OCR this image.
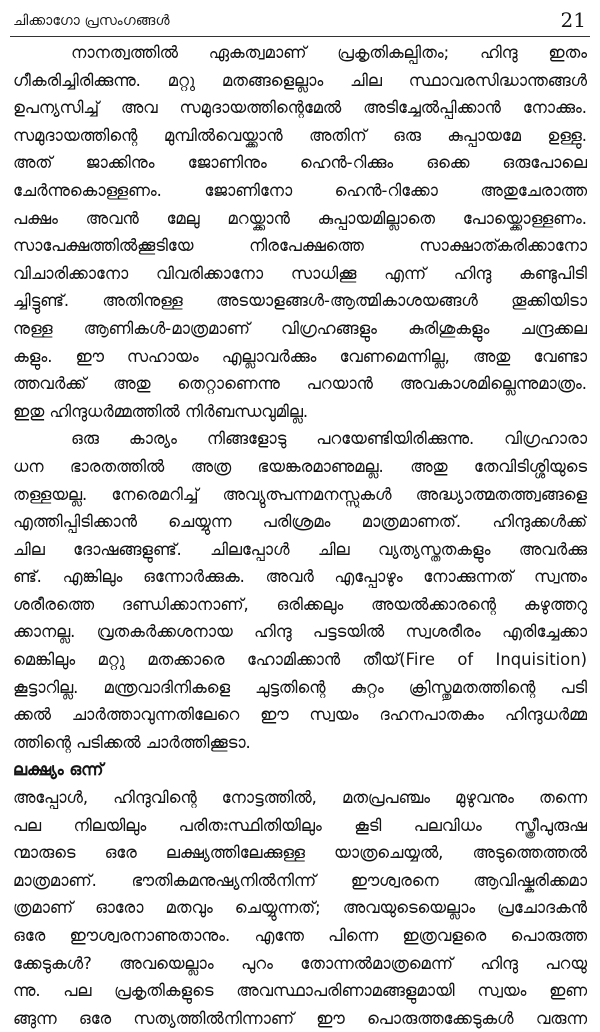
ചിക്കാഗോ പ്രസംഗങ്ങൾ	21
നാനത്വത്തിൽ ഏകത്വമാണ് പ്രകൃതികല്പിതം; ഹിന്ദു ഇതം
ഗീകരിച്ചിരിക്കുന്നു. മറ്റു മതങ്ങളെല്ലാം ചില സ്ഥാവരസിദ്ധാന്തങ്ങൾ
ഉപന്യസിച്ച് അവ സമുദായത്തിന്റെമേൽ അടിച്ചേൽപ്പിക്കാൻ നോക്കും.
സമുദായത്തിന്റെ മുമ്പിൽവെയ്ക്കാൻ അതിന് ഒരു കുപ്പായമേ ഉള്ളു.
അത് ജാക്കിനും ജോണിനും ഹെൻ-റിക്കും ഒക്കെ ഒരുപോലെ
ചേർന്നുകൊള്ളണം. ജോണിനോ ഹെൻ-റിക്കോ അതുചേരാത്ത
പക്ഷം അവൻ മേലു മറയ്ക്കാൻ കുപ്പായമില്ലാതെ പോയ്ക്കൊള്ളണം.
സാപേക്ഷത്തിൽക്കൂടിയേ നിരപേക്ഷത്തെ സാക്ഷാത്കരിക്കാനോ
വിചാരിക്കാനോ വിവരിക്കാനോ സാധിക്കൂ എന്ന് ഹിന്ദു കണ്ടുപിടി
ച്ചിട്ടുണ്ട്. അതിനുള്ള അടയാളങ്ങൾ-ആത്മികാശയങ്ങൾ തൂക്കിയിടാ
നുള്ള ആണികൾ-മാത്രമാണ് വിഗ്രഹങ്ങളും കുരിശുകളും ചന്ദ്രക്കല
കളും. ഈ സഹായം എല്ലാവർക്കും വേണമെന്നില്ല, അതു വേണ്ടാ
ത്തവർക്ക് അതു തെറ്റാണെന്നു പറയാൻ അവകാശമില്ലെന്നുമാത്രം.
ഇതു ഹിന്ദുധർമ്മത്തിൽ നിർബന്ധവുമില്ല.
ഒരു കാര്യം നിങ്ങളോടു പറയേണ്ടിയിരിക്കുന്നു. വിഗ്രഹാരാ
ധന ഭാരതത്തിൽ അത്ര ഭയങ്കരമാണുമല്ല. അതു തേവിടിശ്ശിയുടെ
തള്ളയല്ല. നേരെമറിച്ച് അവ്യുത്പന്നമനസ്സുകൾ അദ്ധ്യാത്മതത്ത്വങ്ങളെ
എത്തിപ്പിടിക്കാൻ ചെയ്യുന്ന പരിശ്രമം മാത്രമാണത്. ഹിന്ദുക്കൾക്ക്
ചില ദോഷങ്ങളുണ്ട്. ചിലപ്പോൾ ചില വ്യത്യസ്തതകളും അവർക്കു
ണ്ട്. എങ്കിലും ഒന്നോർക്കുക. അവർ എപ്പോഴും നോക്കുന്നത് സ്വന്തം
ശരീരത്തെ ദണ്ഡിക്കാനാണ്, ഒരിക്കലും അയൽക്കാരന്റെ കഴുത്തറു
ക്കാനല്ല. വ്രതകർക്കശനായ ഹിന്ദു പട്ടടയിൽ സ്വശരീരം എരിച്ചേക്കാ
മെങ്കിലും മറ്റു മതക്കാരെ ഹോമിക്കാൻ തീയ്(Fire of Inquisition)
കൂട്ടാറില്ല. മന്ത്രവാദിനികളെ ചുട്ടതിന്റെ കുറ്റം ക്രിസ്തുമതത്തിന്റെ പടി
ക്കൽ ചാർത്താവുന്നതിലേറെ ഈ സ്വയം ദഹനപാതകം ഹിന്ദുധർമ്മ
ത്തിന്റെ പടിക്കൽ ചാർത്തിക്കൂടാ.
ലക്ഷ്യം ഒന്ന്
അപ്പോൾ, ഹിന്ദുവിന്റെ നോട്ടത്തിൽ, മതപ്രപഞ്ചം മുഴുവനും തന്നെ
പല നിലയിലും പരിതഃസ്ഥിതിയിലും കൂടി പലവിധം സ്ത്രീപുരുഷ
ന്മാരുടെ ഒരേ ലക്ഷ്യത്തിലേക്കുള്ള യാത്രചെയ്യൽ, അടുത്തെത്തൽ
മാത്രമാണ്. ഭൗതികമനുഷ്യനിൽനിന്ന് ഈശ്വരനെ ആവിഷ്കരിക്കമാ
ത്രമാണ് ഓരോ മതവും ചെയ്യുന്നത്; അവയുടെയെല്ലാം പ്രചോദകൻ
ഒരേ ഈശ്വരനാണുതാനും. എന്തേ പിന്നെ ഇത്രവളരെ പൊരുത്ത
ക്കേടുകൾ? അവയെല്ലാം പുറം തോന്നൽമാത്രമെന്ന് ഹിന്ദു പറയു
ന്നു. പല പ്രകൃതികളുടെ അവസ്ഥാപരിണാമങ്ങളുമായി സ്വയം ഇണ
ങ്ങുന്ന ഒരേ സത്യത്തിൽനിന്നാണ് ഈ പൊരുത്തക്കേടുകൾ വരുന്ന
